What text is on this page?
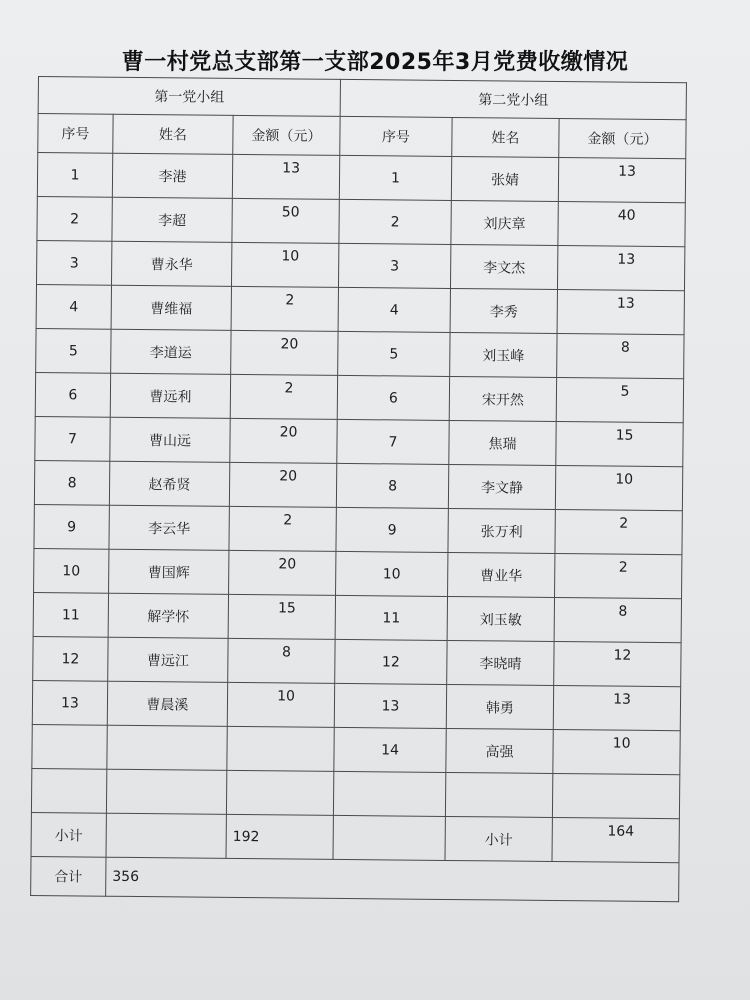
曹一村党总支部第一支部2025年3月党费收缴情况
第一党小组			第二党小组		
序号	姓名	金额（元）	序号	姓名	金额（元）
1	李港	13	1	张婧	13
2	李超	50	2	刘庆章	40
3	曹永华	10	3	李文杰	13
4	曹维福	2	4	李秀	13
5	李道运	20	5	刘玉峰	8
6	曹远利	2	6	宋开然	5
7	曹山远	20	7	焦瑞	15
8	赵希贤	20	8	李文静	10
9	李云华	2	9	张万利	2
10	曹国辉	20	10	曹业华	2
11	解学怀	15	11	刘玉敏	8
12	曹远江	8	12	李晓晴	12
13	曹晨溪	10	13	韩勇	13
			14	高强	10

小计		192		小计	164
合计	356				
